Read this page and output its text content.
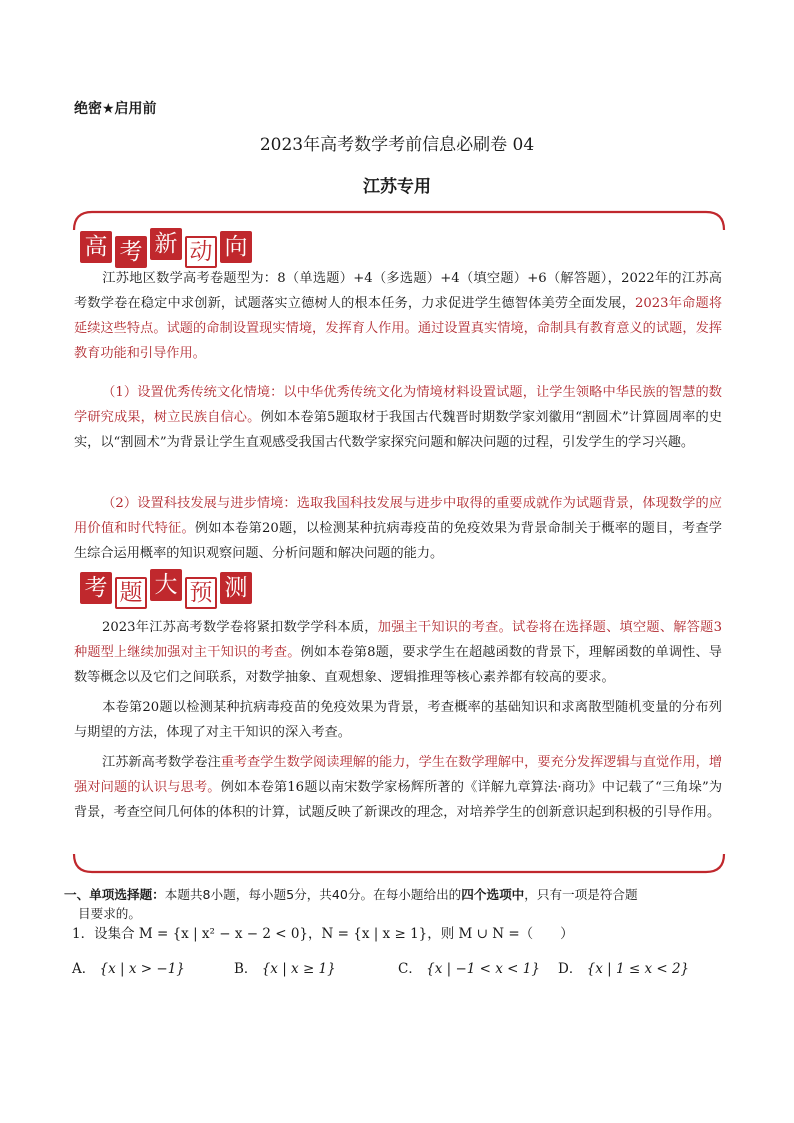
绝密★启用前
2023年高考数学考前信息必刷卷 04
江苏专用
高 考 新 动 向
江苏地区数学高考卷题型为：8（单选题）+4（多选题）+4（填空题）+6（解答题），2022年的江苏高考数学卷在稳定中求创新，试题落实立德树人的根本任务，力求促进学生德智体美劳全面发展，2023年命题将延续这些特点。试题的命制设置现实情境，发挥育人作用。通过设置真实情境，命制具有教育意义的试题，发挥教育功能和引导作用。
（1）设置优秀传统文化情境：以中华优秀传统文化为情境材料设置试题，让学生领略中华民族的智慧的数学研究成果，树立民族自信心。例如本卷第5题取材于我国古代魏晋时期数学家刘徽用“割圆术”计算圆周率的史实，以“割圆术”为背景让学生直观感受我国古代数学家探究问题和解决问题的过程，引发学生的学习兴趣。
（2）设置科技发展与进步情境：选取我国科技发展与进步中取得的重要成就作为试题背景，体现数学的应用价值和时代特征。例如本卷第20题，以检测某种抗病毒疫苗的免疫效果为背景命制关于概率的题目，考查学生综合运用概率的知识观察问题、分析问题和解决问题的能力。
考 题 大 预 测
2023年江苏高考数学卷将紧扣数学学科本质，加强主干知识的考查。试卷将在选择题、填空题、解答题3种题型上继续加强对主干知识的考查。例如本卷第8题，要求学生在超越函数的背景下，理解函数的单调性、导数等概念以及它们之间联系，对数学抽象、直观想象、逻辑推理等核心素养都有较高的要求。
本卷第20题以检测某种抗病毒疫苗的免疫效果为背景，考查概率的基础知识和求离散型随机变量的分布列与期望的方法，体现了对主干知识的深入考查。
江苏新高考数学卷注重考查学生数学阅读理解的能力，学生在数学理解中，要充分发挥逻辑与直觉作用，增强对问题的认识与思考。例如本卷第16题以南宋数学家杨辉所著的《详解九章算法·商功》中记载了“三角垛”为背景，考查空间几何体的体积的计算，试题反映了新课改的理念，对培养学生的创新意识起到积极的引导作用。
一、单项选择题：本题共8小题，每小题5分，共40分。在每小题给出的四个选项中，只有一项是符合题
目要求的。
1．设集合 M = {x | x² − x − 2 < 0}，N = {x | x ≥ 1}，则 M ∪ N =（　　）
A． {x | x > −1}	B． {x | x ≥ 1}	C． {x | −1 < x < 1} D． {x | 1 ≤ x < 2}
